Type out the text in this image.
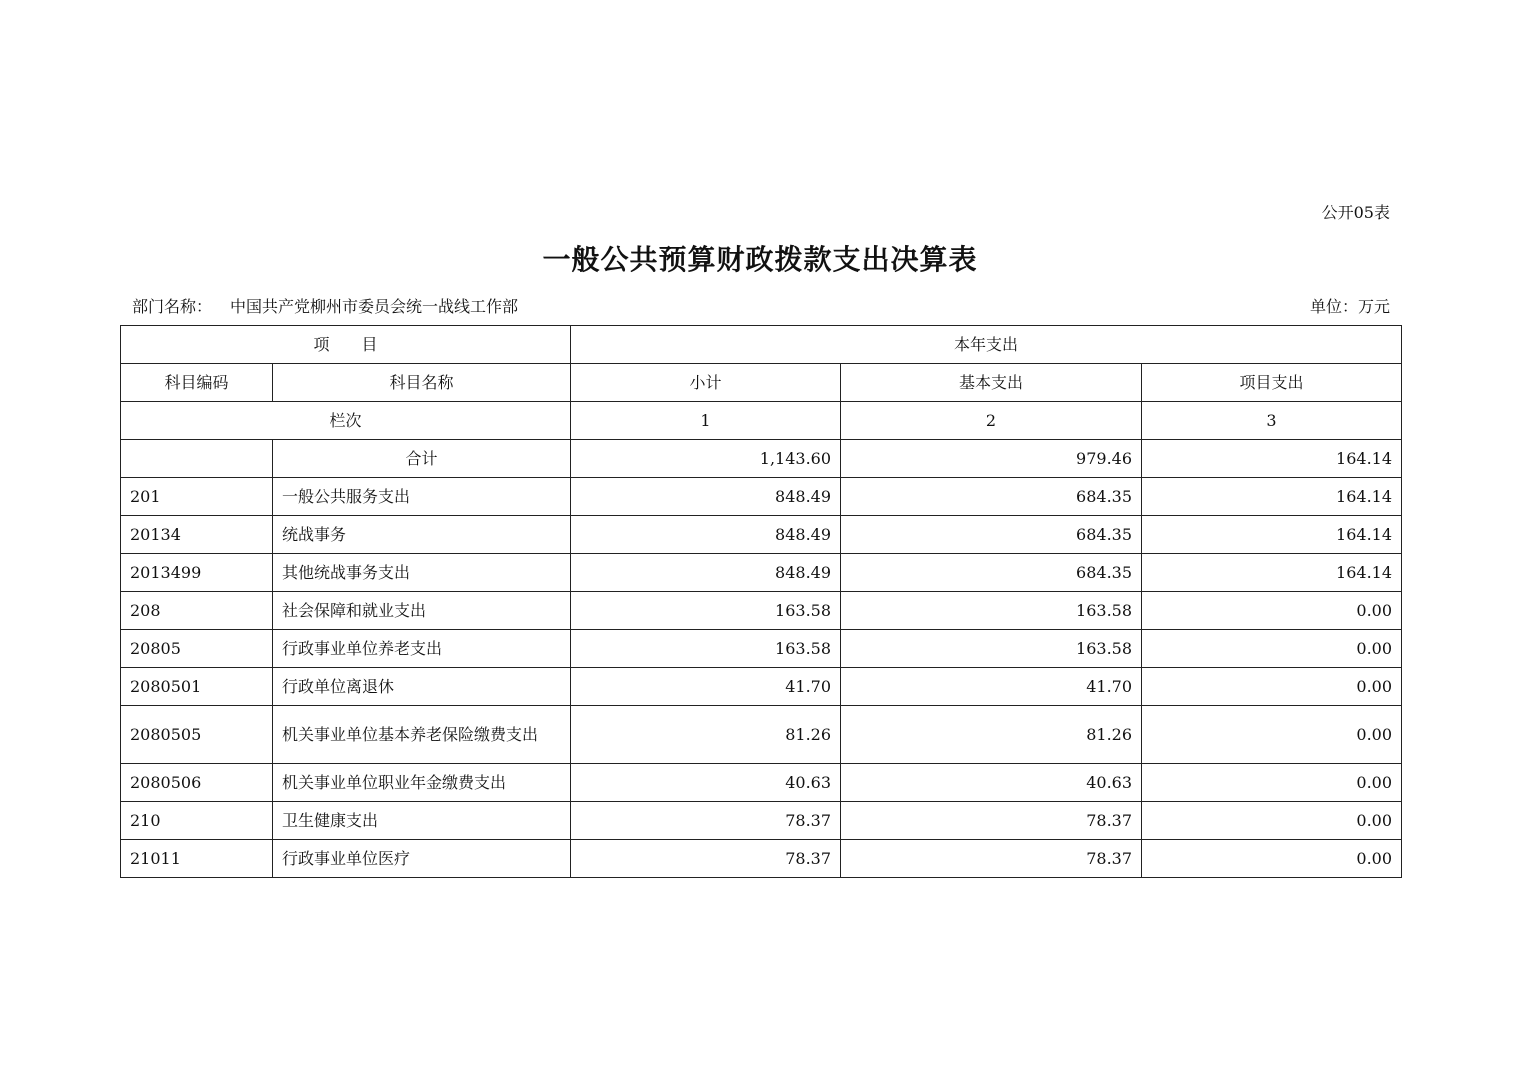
公开05表
一般公共预算财政拨款支出决算表
部门名称： 中国共产党柳州市委员会统一战线工作部	单位：万元
项　　目		本年支出		
科目编码	科目名称	小计	基本支出	项目支出
栏次		1	2	3
	合计	1,143.60	979.46	164.14
201	一般公共服务支出	848.49	684.35	164.14
20134	统战事务	848.49	684.35	164.14
2013499	其他统战事务支出	848.49	684.35	164.14
208	社会保障和就业支出	163.58	163.58	0.00
20805	行政事业单位养老支出	163.58	163.58	0.00
2080501	行政单位离退休	41.70	41.70	0.00
2080505	机关事业单位基本养老保险缴费支出	81.26	81.26	0.00
2080506	机关事业单位职业年金缴费支出	40.63	40.63	0.00
210	卫生健康支出	78.37	78.37	0.00
21011	行政事业单位医疗	78.37	78.37	0.00
